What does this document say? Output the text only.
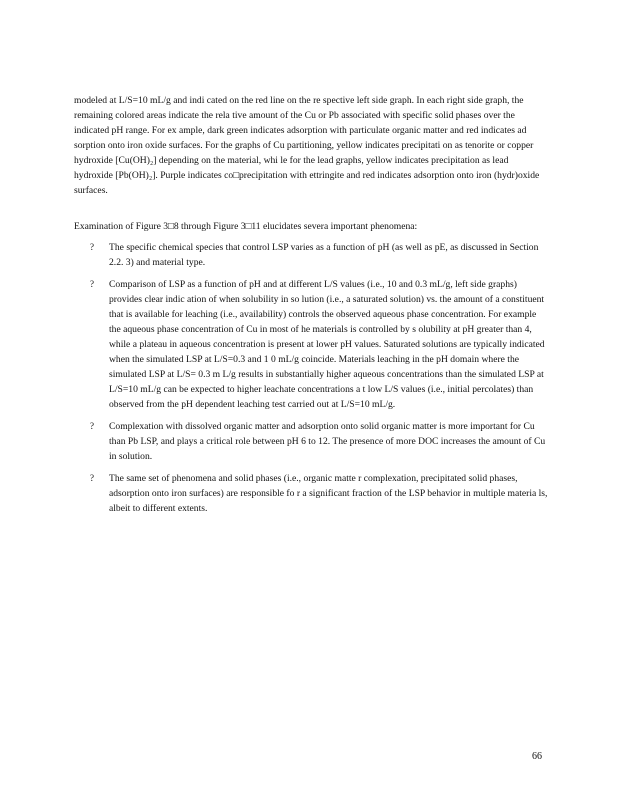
modeled at L/S=10 mL/g and indi cated on the red line on the re spective left side graph. In each right side graph, the remaining colored areas indicate the rela tive amount of the Cu or Pb associated with specific solid phases over the indicated pH range. For ex ample, dark green indicates adsorption with particulate organic matter and red indicates ad sorption onto iron oxide surfaces. For the graphs of Cu partitioning, yellow indicates precipitati on as tenorite or copper hydroxide [Cu(OH)₂] depending on the material, whi le for the lead graphs, yellow indicates precipitation as lead hydroxide [Pb(OH)₂]. Purple indicates co□precipitation with ettringite and red indicates adsorption onto iron (hydr)oxide surfaces.

Examination of Figure 3□8 through Figure 3□11 elucidates severa important phenomena:

? The specific chemical species that control LSP varies as a function of pH (as well as pE, as discussed in Section 2.2. 3) and material type.
? Comparison of LSP as a function of pH and at different L/S values (i.e., 10 and 0.3 mL/g, left side graphs) provides clear indic ation of when solubility in so lution (i.e., a saturated solution) vs. the amount of a constituent that is available for leaching (i.e., availability) controls the observed aqueous phase concentration. For example the aqueous phase concentration of Cu in most of he materials is controlled by s olubility at pH greater than 4, while a plateau in aqueous concentration is present at lower pH values. Saturated solutions are typically indicated when the simulated LSP at L/S=0.3 and 1 0 mL/g coincide. Materials leaching in the pH domain where the simulated LSP at L/S= 0.3 m L/g results in substantially higher aqueous concentrations than the simulated LSP at L/S=10 mL/g can be expected to higher leachate concentrations a t low L/S values (i.e., initial percolates) than observed from the pH dependent leaching test carried out at L/S=10 mL/g.
? Complexation with dissolved organic matter and adsorption onto solid organic matter is more important for Cu than Pb LSP, and plays a critical role between pH 6 to 12. The presence of more DOC increases the amount of Cu in solution.
? The same set of phenomena and solid phases (i.e., organic matte r complexation, precipitated solid phases, adsorption onto iron surfaces) are responsible fo r a significant fraction of the LSP behavior in multiple materia ls, albeit to different extents.
66
